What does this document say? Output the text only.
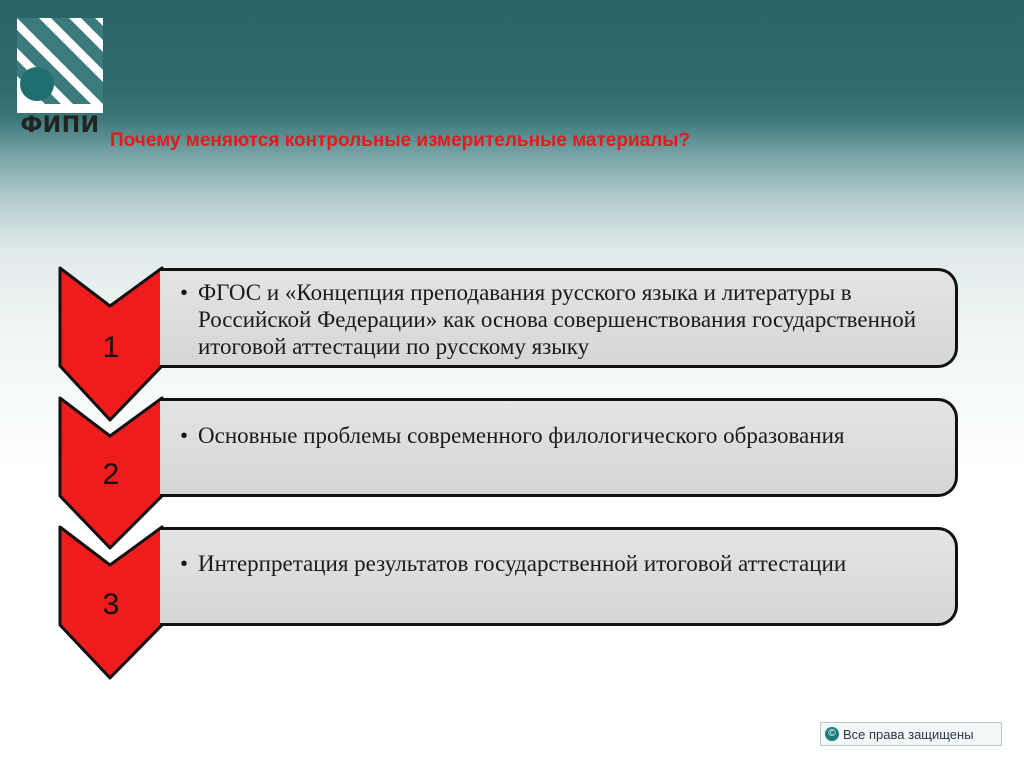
ФИПИ
Почему меняются контрольные измерительные материалы?
1
2
3
• ФГОС и «Концепция преподавания русского языка и литературы в Российской Федерации» как основа совершенствования государственной итоговой аттестации по русскому языку
• Основные проблемы современного филологического образования
• Интерпретация результатов государственной итоговой аттестации
© Все права защищены
